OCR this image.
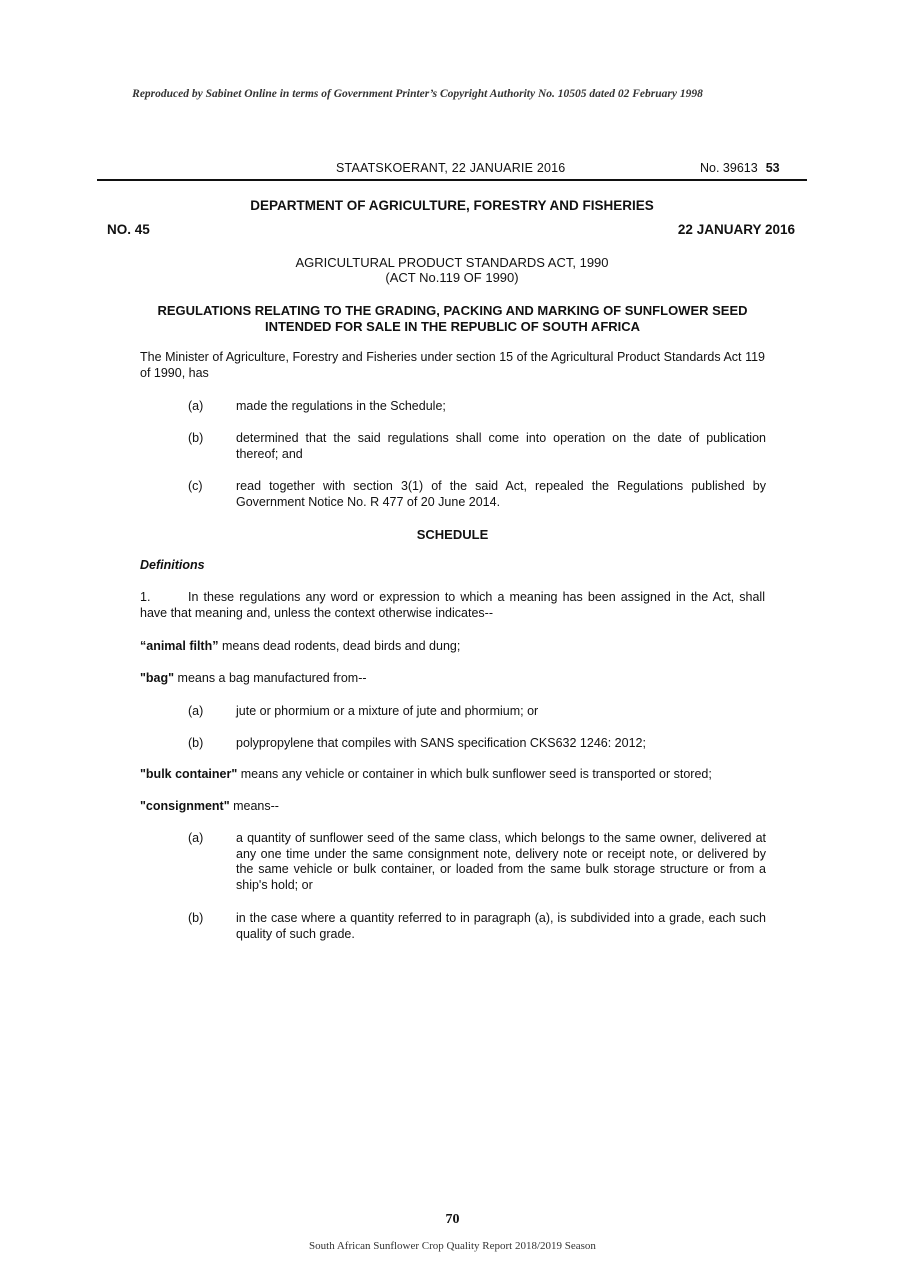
Reproduced by Sabinet Online in terms of Government Printer’s Copyright Authority No. 10505 dated 02 February 1998
STAATSKOERANT, 22 JANUARIE 2016	No. 39613 53
DEPARTMENT OF AGRICULTURE, FORESTRY AND FISHERIES
NO. 45	22 JANUARY 2016
AGRICULTURAL PRODUCT STANDARDS ACT, 1990
(ACT No.119 OF 1990)
REGULATIONS RELATING TO THE GRADING, PACKING AND MARKING OF SUNFLOWER SEED INTENDED FOR SALE IN THE REPUBLIC OF SOUTH AFRICA
The Minister of Agriculture, Forestry and Fisheries under section 15 of the Agricultural Product Standards Act 119 of 1990, has
(a)	made the regulations in the Schedule;
(b)	determined that the said regulations shall come into operation on the date of publication thereof; and
(c)	read together with section 3(1) of the said Act, repealed the Regulations published by Government Notice No. R 477 of 20 June 2014.
SCHEDULE
Definitions
1.	In these regulations any word or expression to which a meaning has been assigned in the Act, shall have that meaning and, unless the context otherwise indicates--
“animal filth” means dead rodents, dead birds and dung;
"bag" means a bag manufactured from--
(a)	jute or phormium or a mixture of jute and phormium; or
(b)	polypropylene that compiles with SANS specification CKS632 1246: 2012;
"bulk container" means any vehicle or container in which bulk sunflower seed is transported or stored;
"consignment" means--
(a)	a quantity of sunflower seed of the same class, which belongs to the same owner, delivered at any one time under the same consignment note, delivery note or receipt note, or delivered by the same vehicle or bulk container, or loaded from the same bulk storage structure or from a ship's hold; or
(b)	in the case where a quantity referred to in paragraph (a), is subdivided into a grade, each such quality of such grade.
70
South African Sunflower Crop Quality Report 2018/2019 Season
